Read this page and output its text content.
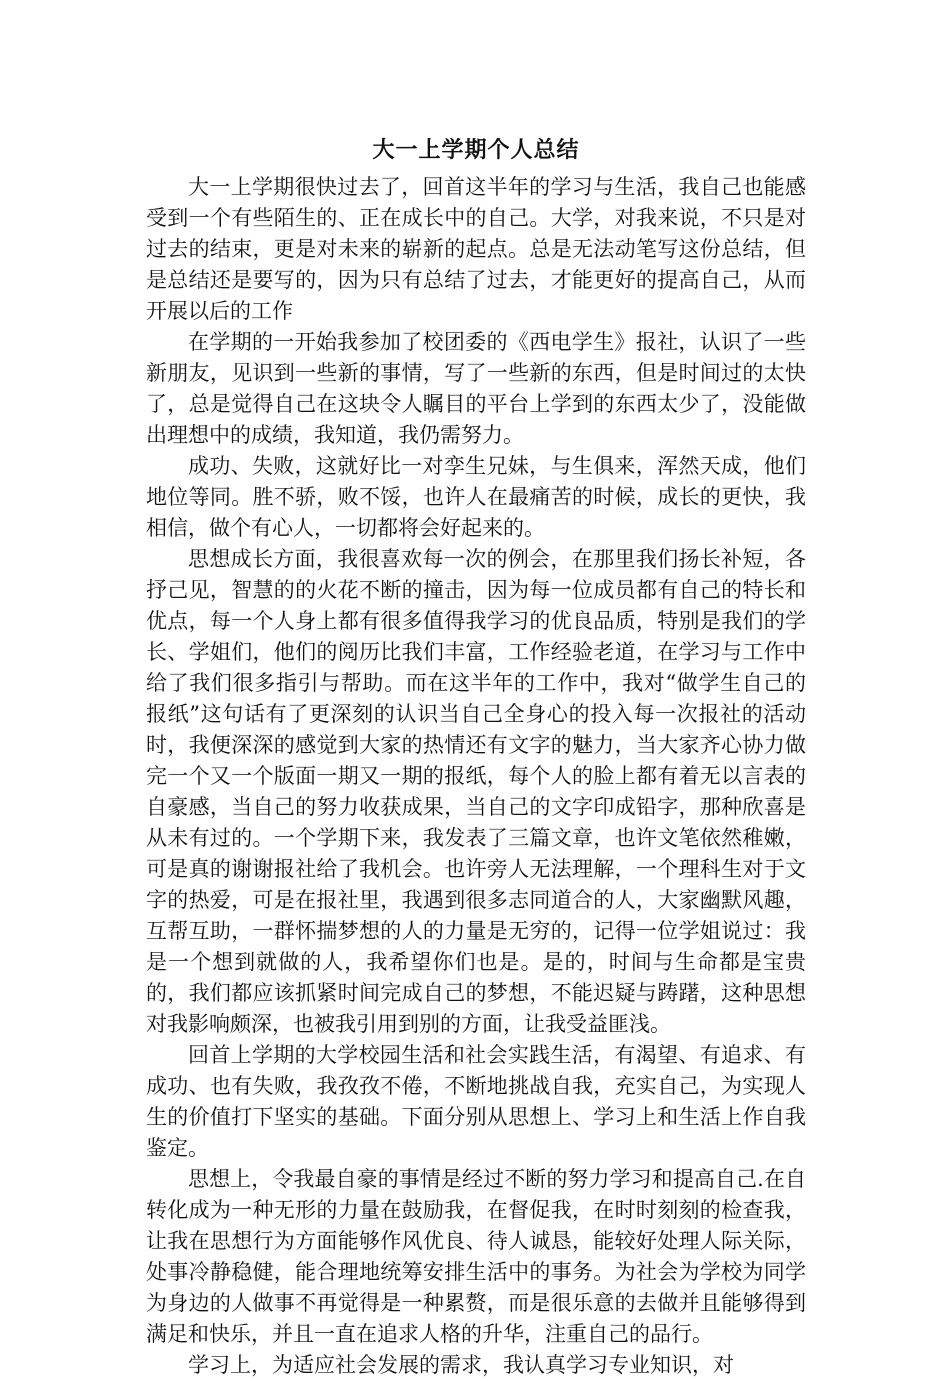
大一上学期个人总结

大一上学期很快过去了，回首这半年的学习与生活，我自己也能感受到一个有些陌生的、正在成长中的自己。大学，对我来说，不只是对过去的结束，更是对未来的崭新的起点。总是无法动笔写这份总结，但是总结还是要写的，因为只有总结了过去，才能更好的提高自己，从而开展以后的工作

在学期的一开始我参加了校团委的《西电学生》报社，认识了一些新朋友，见识到一些新的事情，写了一些新的东西，但是时间过的太快了，总是觉得自己在这块令人瞩目的平台上学到的东西太少了，没能做出理想中的成绩，我知道，我仍需努力。

成功、失败，这就好比一对孪生兄妹，与生俱来，浑然天成，他们地位等同。胜不骄，败不馁，也许人在最痛苦的时候，成长的更快，我相信，做个有心人，一切都将会好起来的。

思想成长方面，我很喜欢每一次的例会，在那里我们扬长补短，各抒己见，智慧的的火花不断的撞击，因为每一位成员都有自己的特长和优点，每一个人身上都有很多值得我学习的优良品质，特别是我们的学长、学姐们，他们的阅历比我们丰富，工作经验老道，在学习与工作中给了我们很多指引与帮助。而在这半年的工作中，我对“做学生自己的报纸”这句话有了更深刻的认识当自己全身心的投入每一次报社的活动时，我便深深的感觉到大家的热情还有文字的魅力，当大家齐心协力做完一个又一个版面一期又一期的报纸，每个人的脸上都有着无以言表的自豪感，当自己的努力收获成果，当自己的文字印成铅字，那种欣喜是从未有过的。一个学期下来，我发表了三篇文章，也许文笔依然稚嫩，可是真的谢谢报社给了我机会。也许旁人无法理解，一个理科生对于文字的热爱，可是在报社里，我遇到很多志同道合的人，大家幽默风趣，互帮互助，一群怀揣梦想的人的力量是无穷的，记得一位学姐说过：我是一个想到就做的人，我希望你们也是。是的，时间与生命都是宝贵的，我们都应该抓紧时间完成自己的梦想，不能迟疑与踌躇，这种思想对我影响颇深，也被我引用到别的方面，让我受益匪浅。

回首上学期的大学校园生活和社会实践生活，有渴望、有追求、有成功、也有失败，我孜孜不倦，不断地挑战自我，充实自己，为实现人生的价值打下坚实的基础。下面分别从思想上、学习上和生活上作自我鉴定。

思想上，令我最自豪的事情是经过不断的努力学习和提高自己.在自转化成为一种无形的力量在鼓励我，在督促我，在时时刻刻的检查我，让我在思想行为方面能够作风优良、待人诚恳，能较好处理人际关际，处事冷静稳健，能合理地统筹安排生活中的事务。为社会为学校为同学为身边的人做事不再觉得是一种累赘，而是很乐意的去做并且能够得到满足和快乐，并且一直在追求人格的升华，注重自己的品行。

学习上，为适应社会发展的需求，我认真学习专业知识，对
